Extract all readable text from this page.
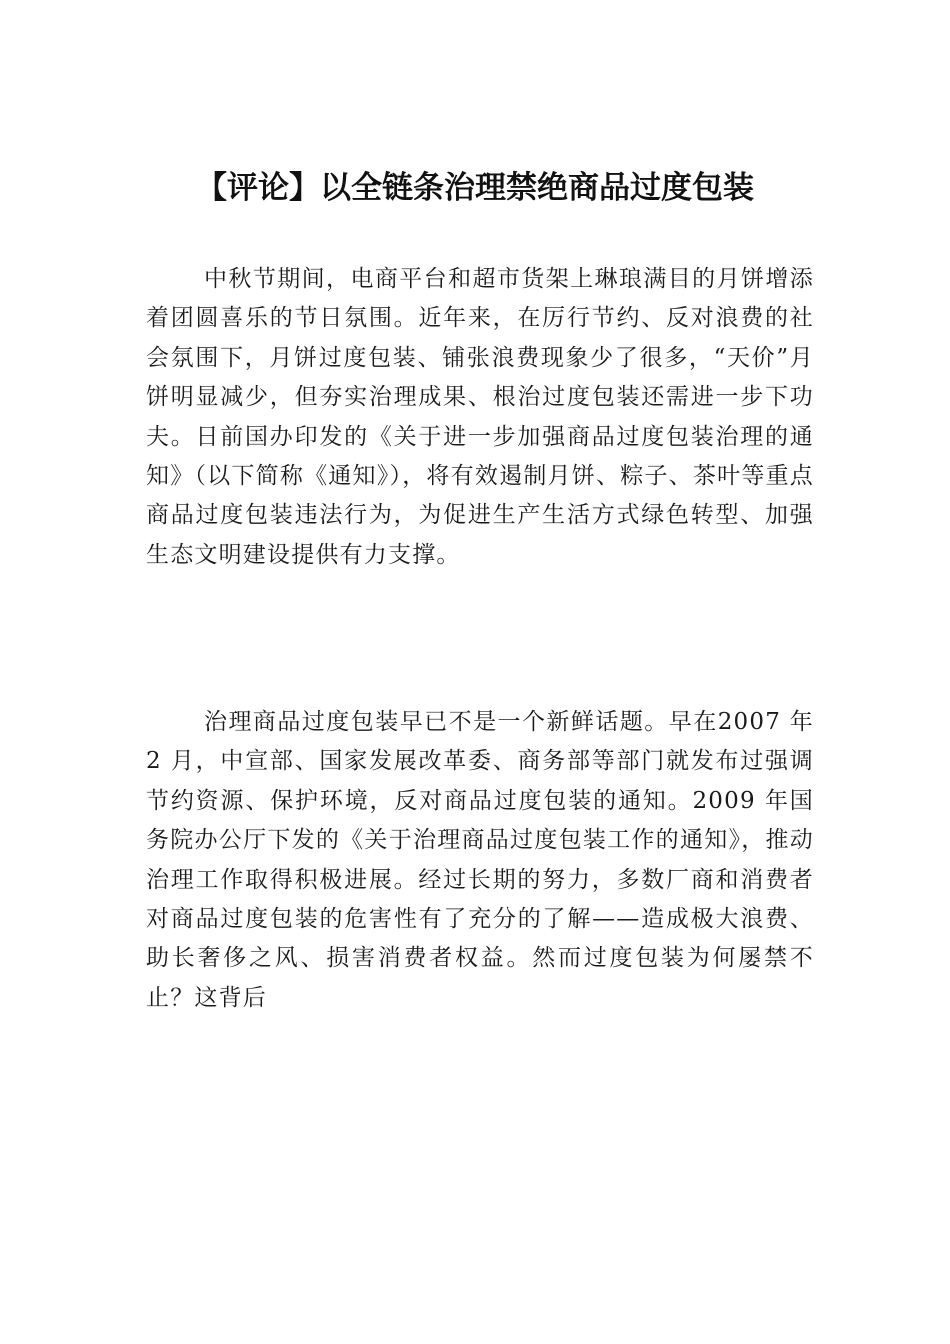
【评论】以全链条治理禁绝商品过度包装

中秋节期间，电商平台和超市货架上琳琅满目的月饼增添着团圆喜乐的节日氛围。近年来，在厉行节约、反对浪费的社会氛围下，月饼过度包装、铺张浪费现象少了很多，“天价”月饼明显减少，但夯实治理成果、根治过度包装还需进一步下功夫。日前国办印发的《关于进一步加强商品过度包装治理的通知》（以下简称《通知》），将有效遏制月饼、粽子、茶叶等重点商品过度包装违法行为，为促进生产生活方式绿色转型、加强生态文明建设提供有力支撑。

治理商品过度包装早已不是一个新鲜话题。早在2007 年 2 月，中宣部、国家发展改革委、商务部等部门就发布过强调节约资源、保护环境，反对商品过度包装的通知。2009 年国务院办公厅下发的《关于治理商品过度包装工作的通知》，推动治理工作取得积极进展。经过长期的努力，多数厂商和消费者对商品过度包装的危害性有了充分的了解——造成极大浪费、助长奢侈之风、损害消费者权益。然而过度包装为何屡禁不止？这背后
